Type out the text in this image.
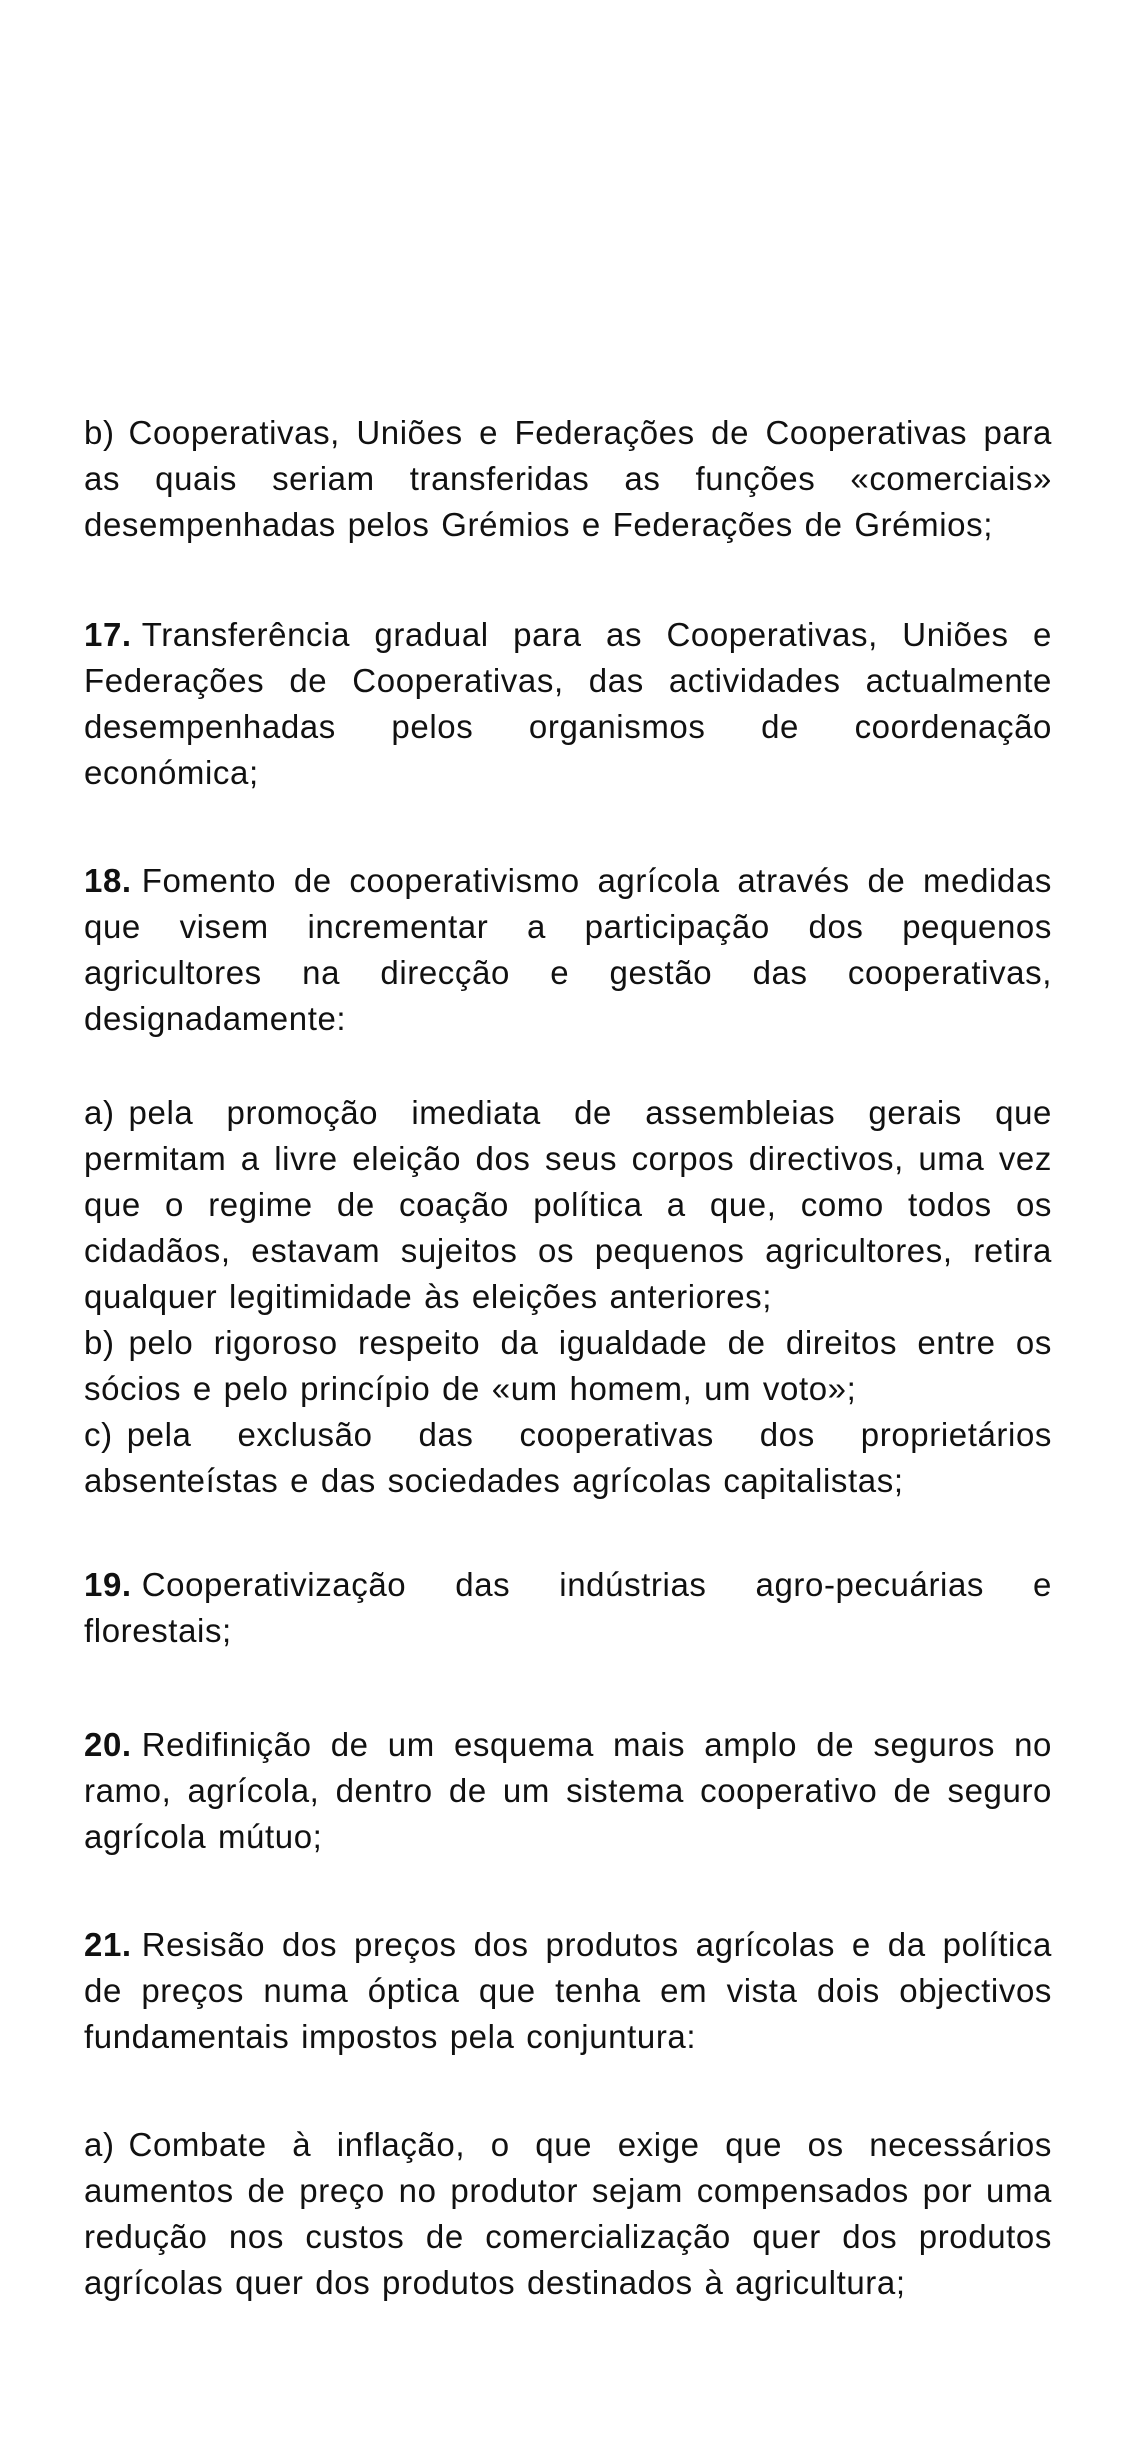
b) Cooperativas, Uniões e Federações de Cooperativas para as quais seriam transferidas as funções «comerciais» desempenhadas pelos Grémios e Federações de Grémios;

17. Transferência gradual para as Cooperativas, Uniões e Federações de Cooperativas, das actividades actualmente desempenhadas pelos organismos de coordenação económica;

18. Fomento de cooperativismo agrícola através de medidas que visem incrementar a participação dos pequenos agricultores na direcção e gestão das cooperativas, designadamente:

a) pela promoção imediata de assembleias gerais que permitam a livre eleição dos seus corpos directivos, uma vez que o regime de coação política a que, como todos os cidadãos, estavam sujeitos os pequenos agricultores, retira qualquer legitimidade às eleições anteriores;

b) pelo rigoroso respeito da igualdade de direitos entre os sócios e pelo princípio de «um homem, um voto»;

c) pela exclusão das cooperativas dos proprietários absenteístas e das sociedades agrícolas capitalistas;

19. Cooperativização das indústrias agro-pecuárias e florestais;

20. Redifinição de um esquema mais amplo de seguros no ramo, agrícola, dentro de um sistema cooperativo de seguro agrícola mútuo;

21. Resisão dos preços dos produtos agrícolas e da política de preços numa óptica que tenha em vista dois objectivos fundamentais impostos pela conjuntura:

a) Combate à inflação, o que exige que os necessários aumentos de preço no produtor sejam compensados por uma redução nos custos de comercialização quer dos produtos agrícolas quer dos produtos destinados à agricultura;
